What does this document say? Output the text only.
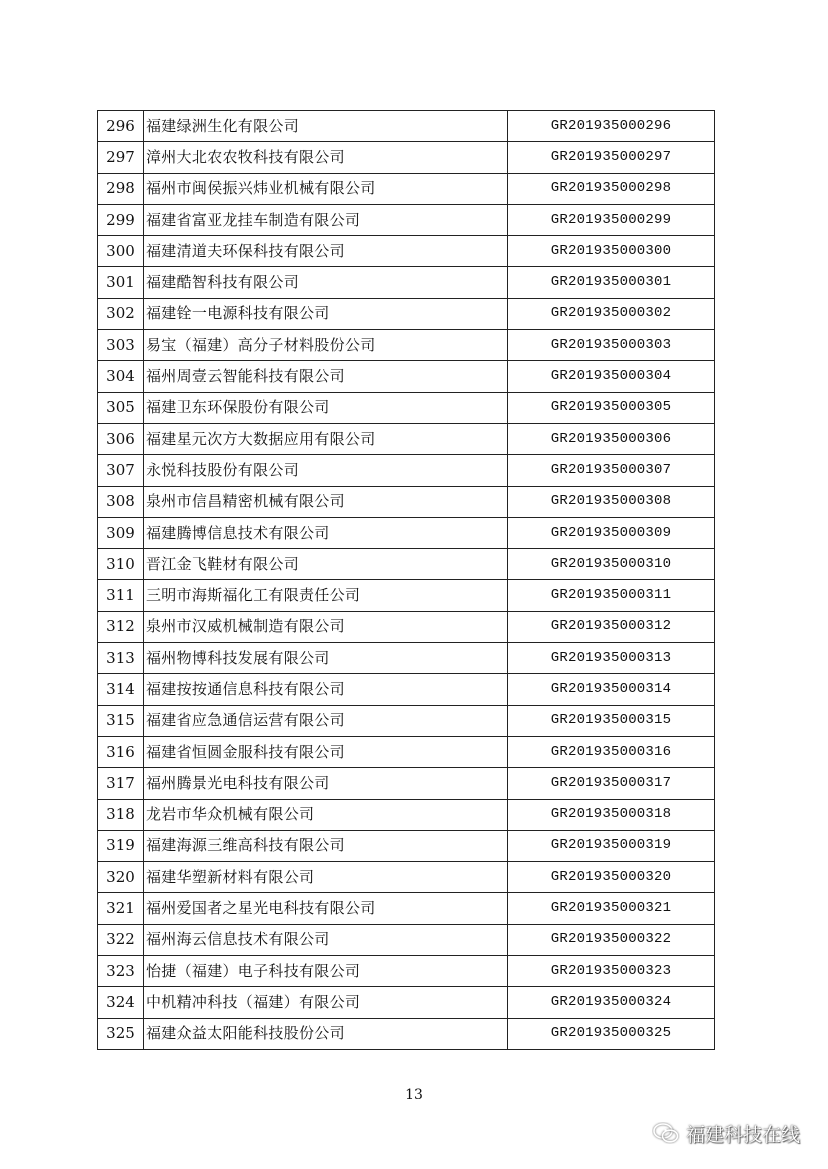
296	福建绿洲生化有限公司	GR201935000296
297	漳州大北农农牧科技有限公司	GR201935000297
298	福州市闽侯振兴炜业机械有限公司	GR201935000298
299	福建省富亚龙挂车制造有限公司	GR201935000299
300	福建清道夫环保科技有限公司	GR201935000300
301	福建酷智科技有限公司	GR201935000301
302	福建铨一电源科技有限公司	GR201935000302
303	易宝（福建）高分子材料股份公司	GR201935000303
304	福州周壹云智能科技有限公司	GR201935000304
305	福建卫东环保股份有限公司	GR201935000305
306	福建星元次方大数据应用有限公司	GR201935000306
307	永悦科技股份有限公司	GR201935000307
308	泉州市信昌精密机械有限公司	GR201935000308
309	福建腾博信息技术有限公司	GR201935000309
310	晋江金飞鞋材有限公司	GR201935000310
311	三明市海斯福化工有限责任公司	GR201935000311
312	泉州市汉威机械制造有限公司	GR201935000312
313	福州物博科技发展有限公司	GR201935000313
314	福建按按通信息科技有限公司	GR201935000314
315	福建省应急通信运营有限公司	GR201935000315
316	福建省恒圆金服科技有限公司	GR201935000316
317	福州腾景光电科技有限公司	GR201935000317
318	龙岩市华众机械有限公司	GR201935000318
319	福建海源三维高科技有限公司	GR201935000319
320	福建华塑新材料有限公司	GR201935000320
321	福州爱国者之星光电科技有限公司	GR201935000321
322	福州海云信息技术有限公司	GR201935000322
323	怡捷（福建）电子科技有限公司	GR201935000323
324	中机精冲科技（福建）有限公司	GR201935000324
325	福建众益太阳能科技股份公司	GR201935000325
13
福建科技在线
